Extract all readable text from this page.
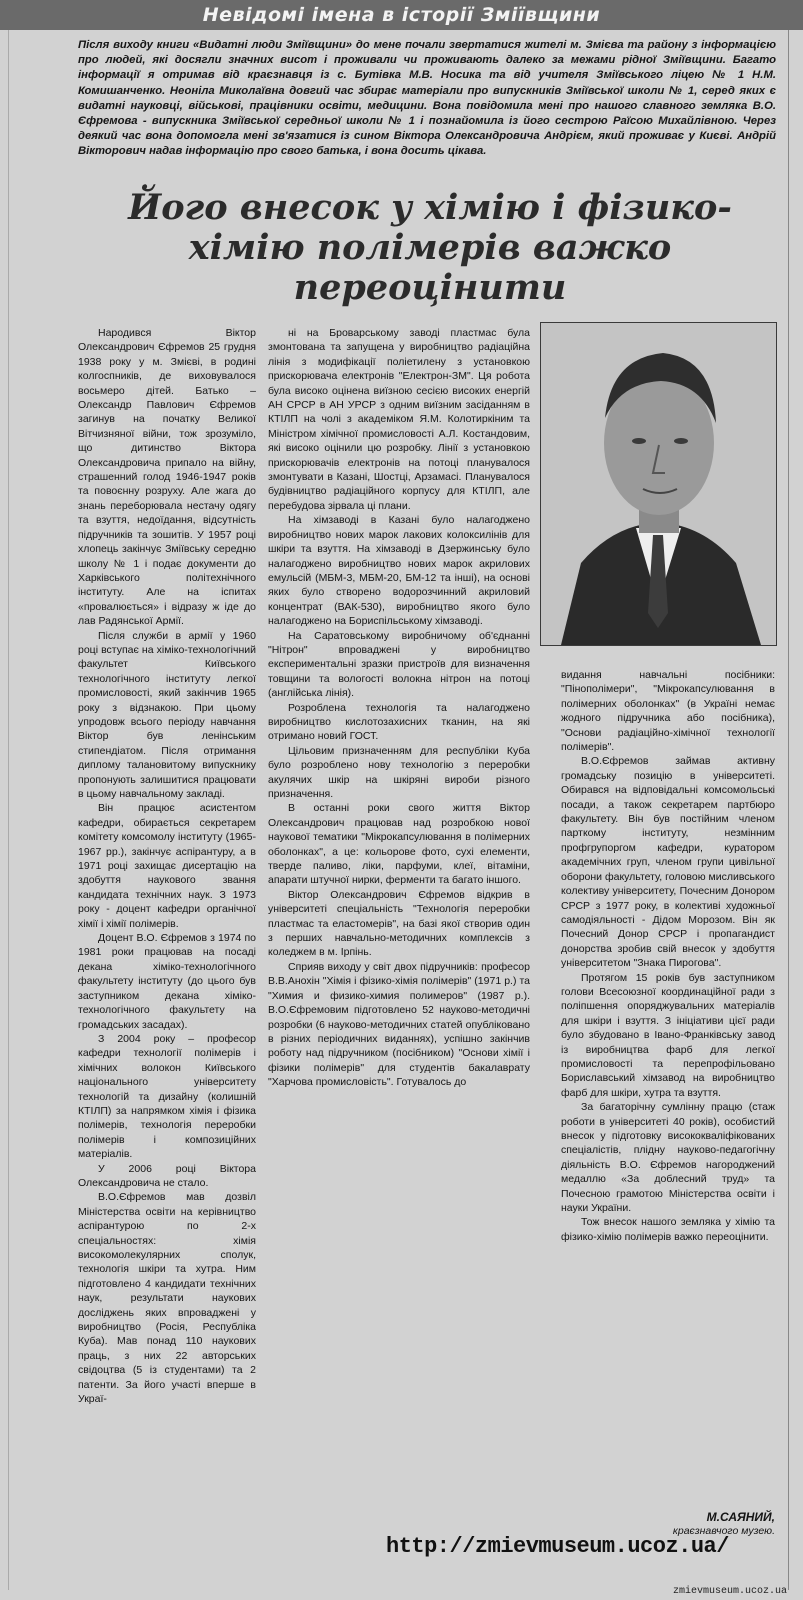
Невідомі імена в історії Зміївщини

Після виходу книги «Видатні люди Зміївщини» до мене почали звертатися жителі м. Змієва та району з інформацією про людей, які досягли значних висот і проживали чи проживають далеко за межами рідної Зміївщини. Багато інформації я отримав від краєзнавця із с. Бутівка М.В. Носика та від учителя Зміївського ліцею № 1 Н.М. Комишанченко. Неоніла Миколаївна довгий час збирає матеріали про випускників Зміївської школи № 1, серед яких є видатні науковці, військові, працівники освіти, медицини. Вона повідомила мені про нашого славного земляка В.О. Єфремова - випускника Зміївської середньої школи № 1 і познайомила із його сестрою Раїсою Михайлівною. Через деякий час вона допомогла мені зв'язатися із сином Віктора Олександровича Андрієм, який проживає у Києві. Андрій Вікторович надав інформацію про свого батька, і вона досить цікава.

Його внесок у хімію і фізико-хімію полімерів важко переоцінити

Народився Віктор Олександрович Єфремов 25 грудня 1938 року у м. Змієві, в родині колгоспників, де виховувалося восьмеро дітей. Батько – Олександр Павлович Єфремов загинув на початку Великої Вітчизняної війни, тож зрозуміло, що дитинство Віктора Олександровича припало на війну, страшенний голод 1946-1947 років та повоєнну розруху. Але жага до знань переборювала нестачу одягу та взуття, недоїдання, відсутність підручників та зошитів. У 1957 році хлопець закінчує Зміївську середню школу № 1 і подає документи до Харківського політехнічного інституту. Але на іспитах «провалюється» і відразу ж іде до лав Радянської Армії.

Після служби в армії у 1960 році вступає на хіміко-технологічний факультет Київського технологічного інституту легкої промисловості, який закінчив 1965 року з відзнакою. При цьому упродовж всього періоду навчання Віктор був ленінським стипендіатом. Після отримання диплому талановитому випускнику пропонують залишитися працювати в цьому навчальному закладі.

Він працює асистентом кафедри, обирається секретарем комітету комсомолу інституту (1965-1967 рр.), закінчує аспірантуру, а в 1971 році захищає дисертацію на здобуття наукового звання кандидата технічних наук. З 1973 року - доцент кафедри органічної хімії і хімії полімерів.

Доцент В.О. Єфремов з 1974 по 1981 роки працював на посаді декана хіміко-технологічного факультету інституту (до цього був заступником декана хіміко-технологічного факультету на громадських засадах).

З 2004 року – професор кафедри технології полімерів і хімічних волокон Київського національного університету технологій та дизайну (колишній КТІЛП) за напрямком хімія і фізика полімерів, технологія переробки полімерів і композиційних матеріалів.

У 2006 році Віктора Олександровича не стало.

В.О.Єфремов мав дозвіл Міністерства освіти на керівництво аспірантурою по 2-х спеціальностях: хімія високомолекулярних сполук, технологія шкіри та хутра. Ним підготовлено 4 кандидати технічних наук, результати наукових досліджень яких впроваджені у виробництво (Росія, Республіка Куба). Мав понад 110 наукових праць, з них 22 авторських свідоцтва (5 із студентами) та 2 патенти. За його участі вперше в Украї-

ні на Броварському заводі пластмас була змонтована та запущена у виробництво радіаційна лінія з модифікації поліетилену з установкою прискорювача електронів "Електрон-ЗМ". Ця робота була високо оцінена виїзною сесією високих енергій АН СРСР в АН УРСР з одним виїзним засіданням в КТІЛП на чолі з академіком Я.М. Колотиркіним та Міністром хімічної промисловості А.Л. Костандовим, які високо оцінили цю розробку. Лінії з установкою прискорювачів електронів на потоці планувалося змонтувати в Казані, Шостці, Арзамасі. Планувалося будівництво радіаційного корпусу для КТІЛП, але перебудова зірвала ці плани.

На хімзаводі в Казані було налагоджено виробництво нових марок лакових колоксилінів для шкіри та взуття. На хімзаводі в Дзержинську було налагоджено виробництво нових марок акрилових емульсій (МБМ-3, МБМ-20, БМ-12 та інші), на основі яких було створено водорозчинний акриловий концентрат (ВАК-530), виробництво якого було налагоджено на Бориспільському хімзаводі.

На Саратовському виробничому об'єднанні "Нітрон" впроваджені у виробництво експериментальні зразки пристроїв для визначення товщини та вологості волокна нітрон на потоці (англійська лінія).

Розроблена технологія та налагоджено виробництво кислотозахисних тканин, на які отримано новий ГОСТ.

Цільовим призначенням для республіки Куба було розроблено нову технологію з переробки акулячих шкір на шкіряні вироби різного призначення.

В останні роки свого життя Віктор Олександрович працював над розробкою нової наукової тематики "Мікрокапсулювання в полімерних оболонках", а це: кольорове фото, сухі елементи, тверде паливо, ліки, парфуми, клеї, вітаміни, апарати штучної нирки, ферменти та багато іншого.

Віктор Олександрович Єфремов відкрив в університеті спеціальність "Технологія переробки пластмас та еластомерів", на базі якої створив один з перших навчально-методичних комплексів з коледжем в м. Ірпінь.

Сприяв виходу у світ двох підручників: професор В.В.Анохін "Хімія і фізико-хімія полімерів" (1971 р.) та "Химия и физико-химия полимеров" (1987 р.). В.О.Єфремовим підготовлено 52 науково-методичні розробки (6 науково-методичних статей опубліковано в різних періодичних виданнях), успішно закінчив роботу над підручником (посібником) "Основи хімії і фізики полімерів" для студентів бакалаврату "Харчова промисловість". Готувалось до

видання навчальні посібники: "Пінополімери", "Мікрокапсулювання в полімерних оболонках" (в Україні немає жодного підручника або посібника), "Основи радіаційно-хімічної технології полімерів".

В.О.Єфремов займав активну громадську позицію в університеті. Обирався на відповідальні комсомольські посади, а також секретарем партбюро факультету. Він був постійним членом парткому інституту, незмінним профгрупоргом кафедри, куратором академічних груп, членом групи цивільної оборони факультету, головою мисливського колективу університету, Почесним Донором СРСР з 1977 року, в колективі художньої самодіяльності - Дідом Морозом. Він як Почесний Донор СРСР і пропагандист донорства зробив свій внесок у здобуття університетом "Знака Пирогова".

Протягом 15 років був заступником голови Всесоюзної координаційної ради з поліпшення опоряджувальних матеріалів для шкіри і взуття. З ініціативи цієї ради було збудовано в Івано-Франківську завод із виробництва фарб для легкої промисловості та перепрофільовано Бориславський хімзавод на виробництво фарб для шкіри, хутра та взуття.

За багаторічну сумлінну працю (стаж роботи в університеті 40 років), особистий внесок у підготовку висококваліфікованих спеціалістів, плідну науково-педагогічну діяльність В.О. Єфремов нагороджений медаллю «За доблесний труд» та Почесною грамотою Міністерства освіти і науки України.

Тож внесок нашого земляка у хімію та фізико-хімію полімерів важко переоцінити.

М.САЯНИЙ,
краєзнавчого музею.
http://zmievmuseum.ucoz.ua/
zmievmuseum.ucoz.ua
